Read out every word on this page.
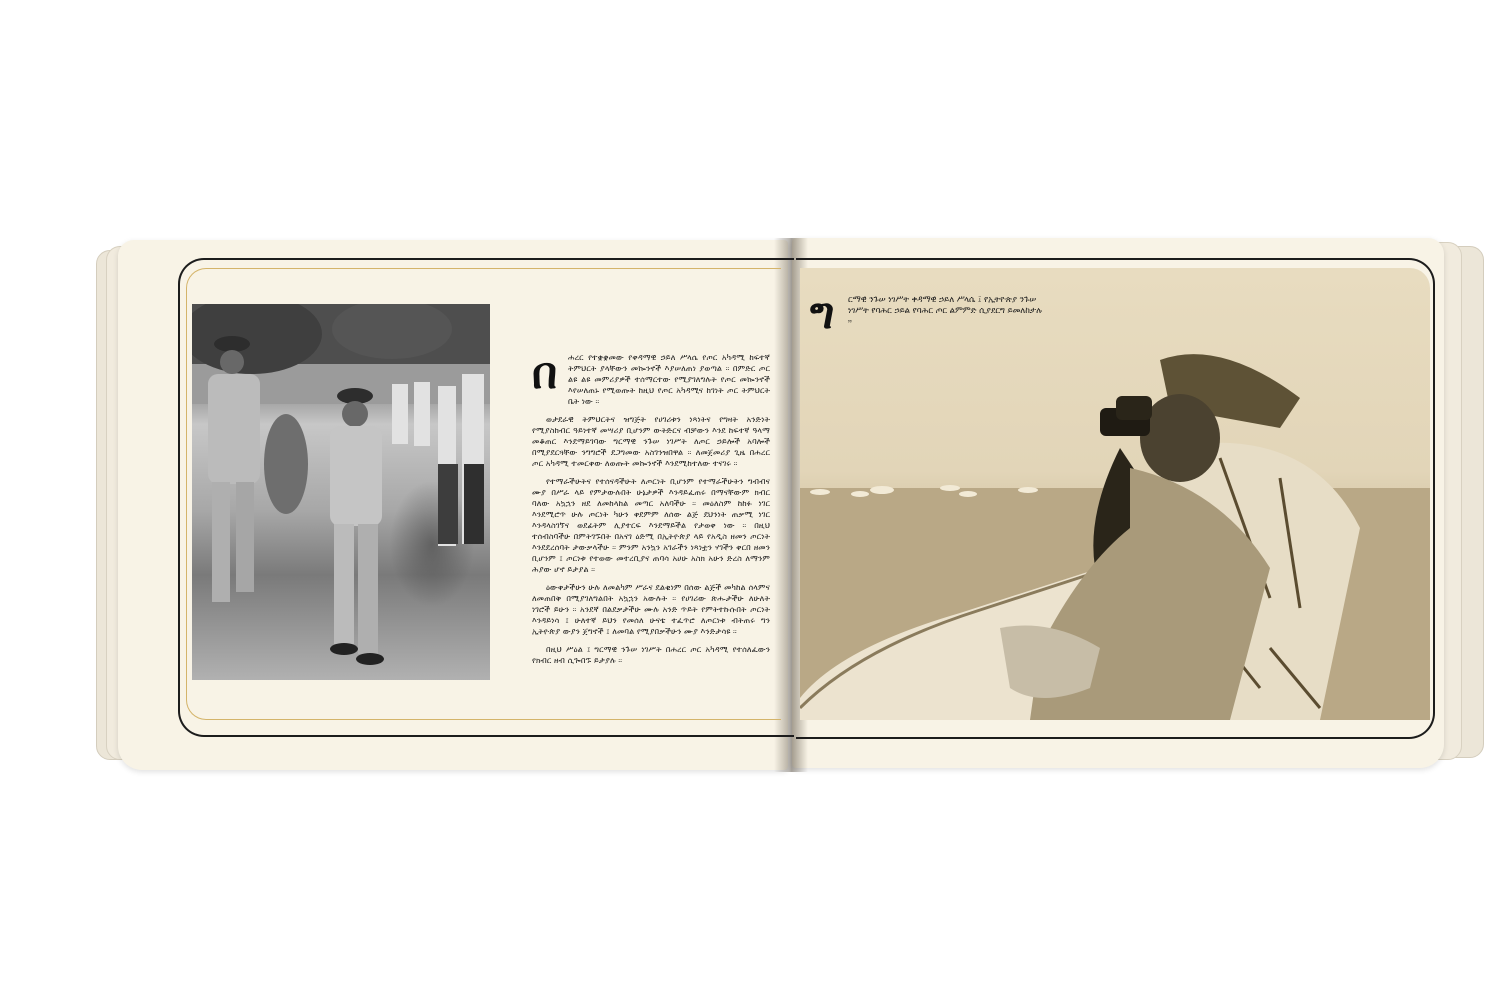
በ	ሐረር የተቋቋመው የቀዳማዊ ኃይለ ሥላሴ የጦር አካዳሚ ከፍተኛ ትምህርት ያላቸውን መኰንኖች እያሠለጠነ ያወጣል ። በምድር ጦር ልዩ ልዩ መምሪያዎች ተሰማርተው የሚያገለግሉት የጦር መኰንኖች እየሠለጠኑ የሚወጡት ከዚህ የጦር አካዳሚና ከገነት ጦር ትምህርት ቤት ነው ።

ወታደራዊ ትምህርትና ዝግጅት የሀገሪቱን ነጻነትና የግዛት አንድነት የሚያስከብር ዓይነተኛ መሣሪያ ቢሆንም ውትድርና ብቻውን እንደ ከፍተኛ ዓላማ መቆጠር እንደማይገባው ግርማዊ ንጉሠ ነገሥት ለጦር ኃይሎች አባሎች በሚያደርጓቸው ንግግሮች ደጋግመው አስገንዝበዋል ። ለመጀመሪያ ጊዜ በሐረር ጦር አካዳሚ ተመርቀው ለወጡት መኰንኖች እንደሚከተለው ተናገሩ ።

የተማራችሁትና የተሰናዳችሁት ለጦርነት ቢሆንም የተማራችሁትን ግብብና ሙያ በሥራ ላይ የምታውሉበት ሁኔታዎች እንዳይፈጠሩ በማናቸውም ክብር ባለው አኳኋን ዘደ ለመከላከል መጣር አለባችሁ ። መዕለስም ከከፉ ነገር እንደሚሮጥ ሁሉ ጦርነት ካሁን ቀደምም ለሰው ልጅ ደህንነት ጠቃሚ ነገር እንዳላስገኘና ወደፊትም ሊያተርፍ እንደማይችል የታወቀ ነው ። በዚህ ተሰብስባችሁ በምትገኙበት በአናገ ዕድሚ በኢትዮጵያ ላይ የአዲስ ዘመን ጦርነት እንደደረሰባት ታውቃላችሁ ። ምንም አንኳን አገራችን ነጻነቷን ሃገችን ቀርበ ዘመን ቢሆንም ፤ ጦርነቱ የተወው መተረቢያና ጠባሳ አሀሁ አስክ አሁን ድረስ ለማንም ሕያው ሆኖ ይታያል ።

ዕውቀታችሁን ሁሉ ለመልካም ሥራና ደልቂነም በሰው ልጅች መካከል ሰላምና ለመጠበቅ በሚያገለግልበት አኳኋን አውሉት ። የሀገሪው ጽሑታችሁ ለሁለት ነገሮች ይሁን ። አንደኛ በልደቃታችሁ ሙሉ አንድ ጥይት የምትተኩሱበት ጦርነት እንዳይነሳ ፤ ሁለተኛ ይህን የመሰለ ሁናቴ ተፈጥሮ ለጦርነቱ ብትጠሩ ግን ኢትዮጵያ ውያን ጀግኖች ፤ ለመባል የሚያበቃችሁን ሙያ እንድታሳዩ ።

በዚህ ሥዕል ፤ ግርማዊ ንጉሠ ነገሥት በሐረር ጦር አካዳሚ የተሰለፈውን የክብር ዘብ ሲጐበኙ ይታያሉ ።

ግ	ርማዊ ንጉሠ ነገሥት ቀዳማዊ ኃይለ ሥላሴ ፤ የኢትዮጵያ ንጉሠ ነገሥት የባሕር ኃይል የባሕር ጦር ልምምድ ሲያደርግ ይመለከታሉ ።
